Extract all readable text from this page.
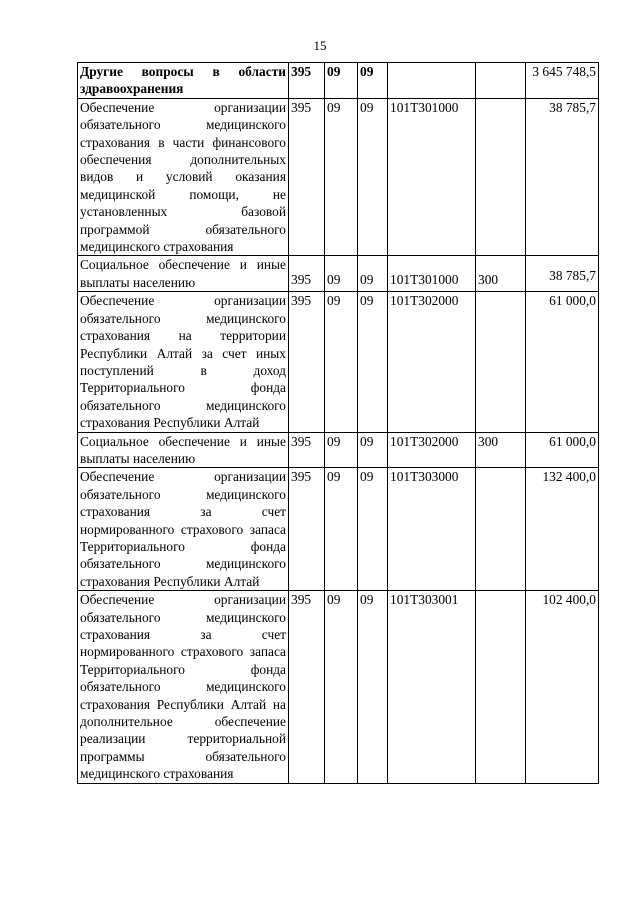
15
Другие вопросы в области здравоохранения	395	09	09			3 645 748,5
Обеспечение организации обязательного медицинского страхования в части финансового обеспечения дополнительных видов и условий оказания медицинской помощи, не установленных базовой программой обязательного медицинского страхования	395	09	09	101Т301000		38 785,7
Социальное обеспечение и иные выплаты населению	395	09	09	101Т301000	300	38 785,7
Обеспечение организации обязательного медицинского страхования на территории Республики Алтай за счет иных поступлений в доход Территориального фонда обязательного медицинского страхования Республики Алтай	395	09	09	101Т302000		61 000,0
Социальное обеспечение и иные выплаты населению	395	09	09	101Т302000	300	61 000,0
Обеспечение организации обязательного медицинского страхования за счет нормированного страхового запаса Территориального фонда обязательного медицинского страхования Республики Алтай	395	09	09	101Т303000		132 400,0
Обеспечение организации обязательного медицинского страхования за счет нормированного страхового запаса Территориального фонда обязательного медицинского страхования Республики Алтай на дополнительное обеспечение реализации территориальной программы обязательного медицинского страхования	395	09	09	101Т303001		102 400,0
